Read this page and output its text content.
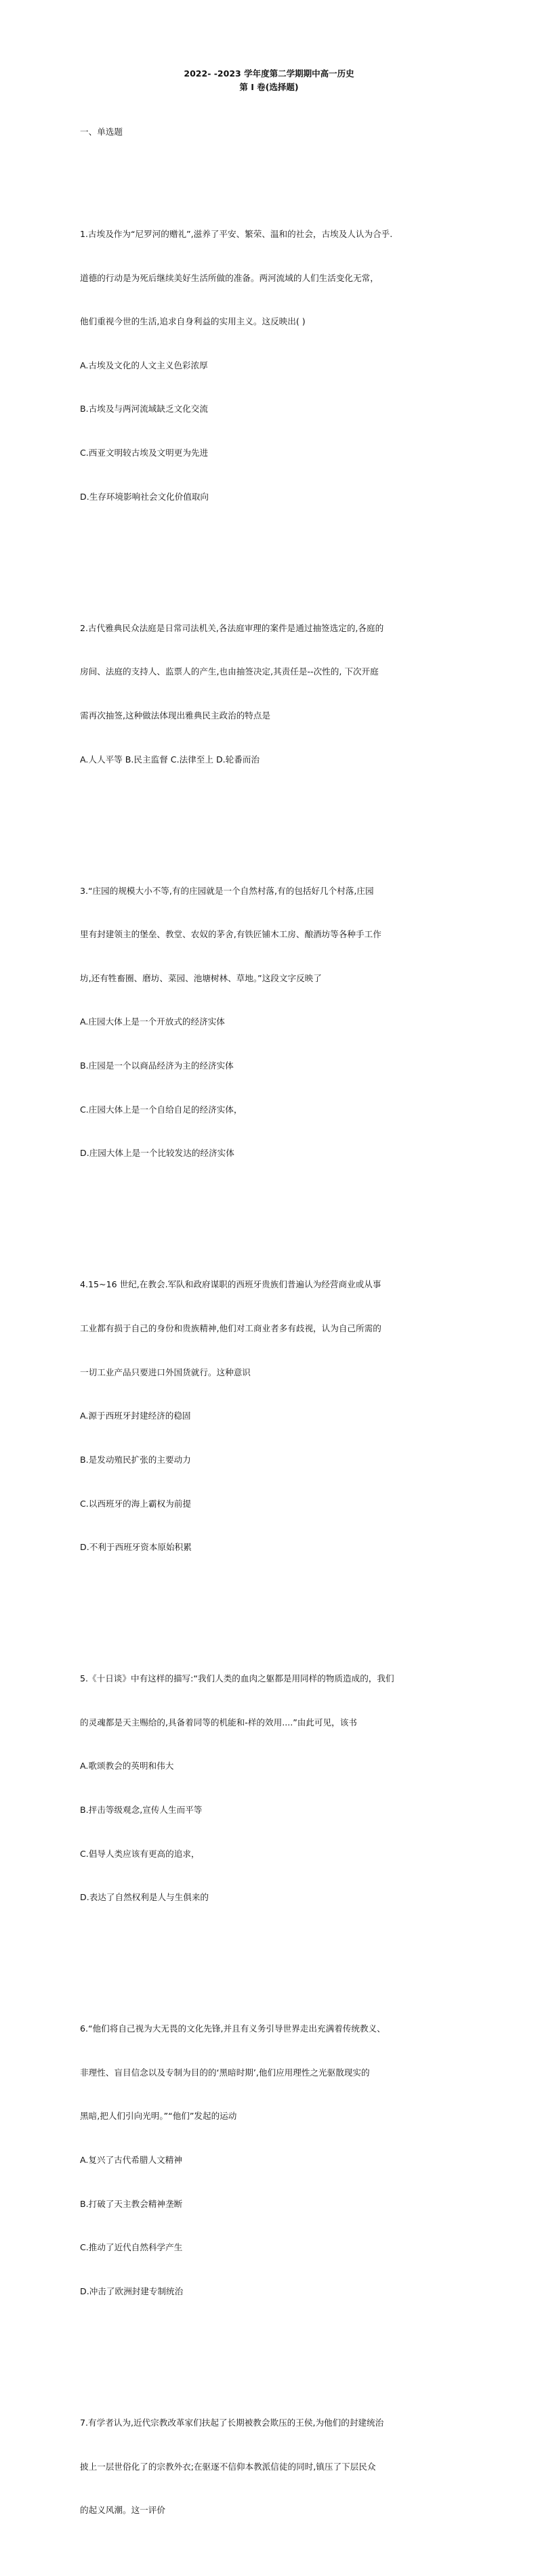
2022- -2023 学年度第二学期期中高一历史
第 I 卷(选择题)

一、单选题

1.古埃及作为“尼罗河的赠礼”,滋养了平安、繁荣、温和的社会，古埃及人认为合乎.

道德的行动是为死后继续美好生活所做的准备。两河流域的人们生活变化无常，

他们重视今世的生活,追求自身利益的实用主义。这反映出( )

A.古埃及文化的人文主义色彩浓厚

B.古埃及与两河流域缺乏文化交流

C.西亚文明较古埃及文明更为先进

D.生存环境影响社会文化价值取向

2.古代雅典民众法庭是日常司法机关,各法庭审理的案件是通过抽签选定的,各庭的

房间、法庭的支持人、监票人的产生,也由抽签决定,其责任是--次性的, 下次开庭

需再次抽签,这种做法体现出雅典民主政治的特点是

A.人人平等 B.民主监督 C.法律至上 D.轮番而治

3.“庄园的规模大小不等,有的庄园就是一个自然村落,有的包括好几个村落,庄园

里有封建领主的堡垒、教堂、农奴的茅舍,有铁匠铺木工房、酿酒坊等各种手工作

坊,还有牲畜圈、磨坊、菜园、池塘树林、草地。”这段文字反映了

A.庄园大体上是一个开放式的经济实体

B.庄园是一个以商品经济为主的经济实体

C.庄园大体上是一个自给自足的经济实体，

D.庄园大体上是一个比较发达的经济实体

4.15~16 世纪,在教会.军队和政府谋职的西班牙贵族们普遍认为经营商业或从事

工业都有损于自己的身份和贵族精神,他们对工商业者多有歧视，认为自己所需的

一切工业产品只要进口外国货就行。这种意识

A.源于西班牙封建经济的稳固

B.是发动殖民扩张的主要动力

C.以西班牙的海上霸权为前提

D.不利于西班牙资本原始积累

5.《十日谈》中有这样的描写:“我们人类的血肉之躯都是用同样的物质造成的，我们

的灵魂都是天主赐给的,具备着同等的机能和-样的效用....”由此可见，该书

A.歌颂教会的英明和伟大

B.抨击等级观念,宣传人生而平等

C.倡导人类应该有更高的追求，

D.表达了自然权利是人与生俱来的

6.“他们将自己视为大无畏的文化先锋,并且有义务引导世界走出充满着传统教义、

非理性、盲目信念以及专制为目的的‘黑暗时期’,他们应用理性之光驱散现实的

黑暗,把人们引向光明。”“他们”发起的运动

A.复兴了古代希腊人文精神

B.打破了天主教会精神垄断

C.推动了近代自然科学产生

D.冲击了欧洲封建专制统治

7.有学者认为,近代宗教改革家们扶起了长期被教会欺压的王侯,为他们的封建统治

披上一层世俗化了的宗教外衣;在驱逐不信仰本教派信徒的同时,镇压了下层民众

的起义风潮。这一评价
